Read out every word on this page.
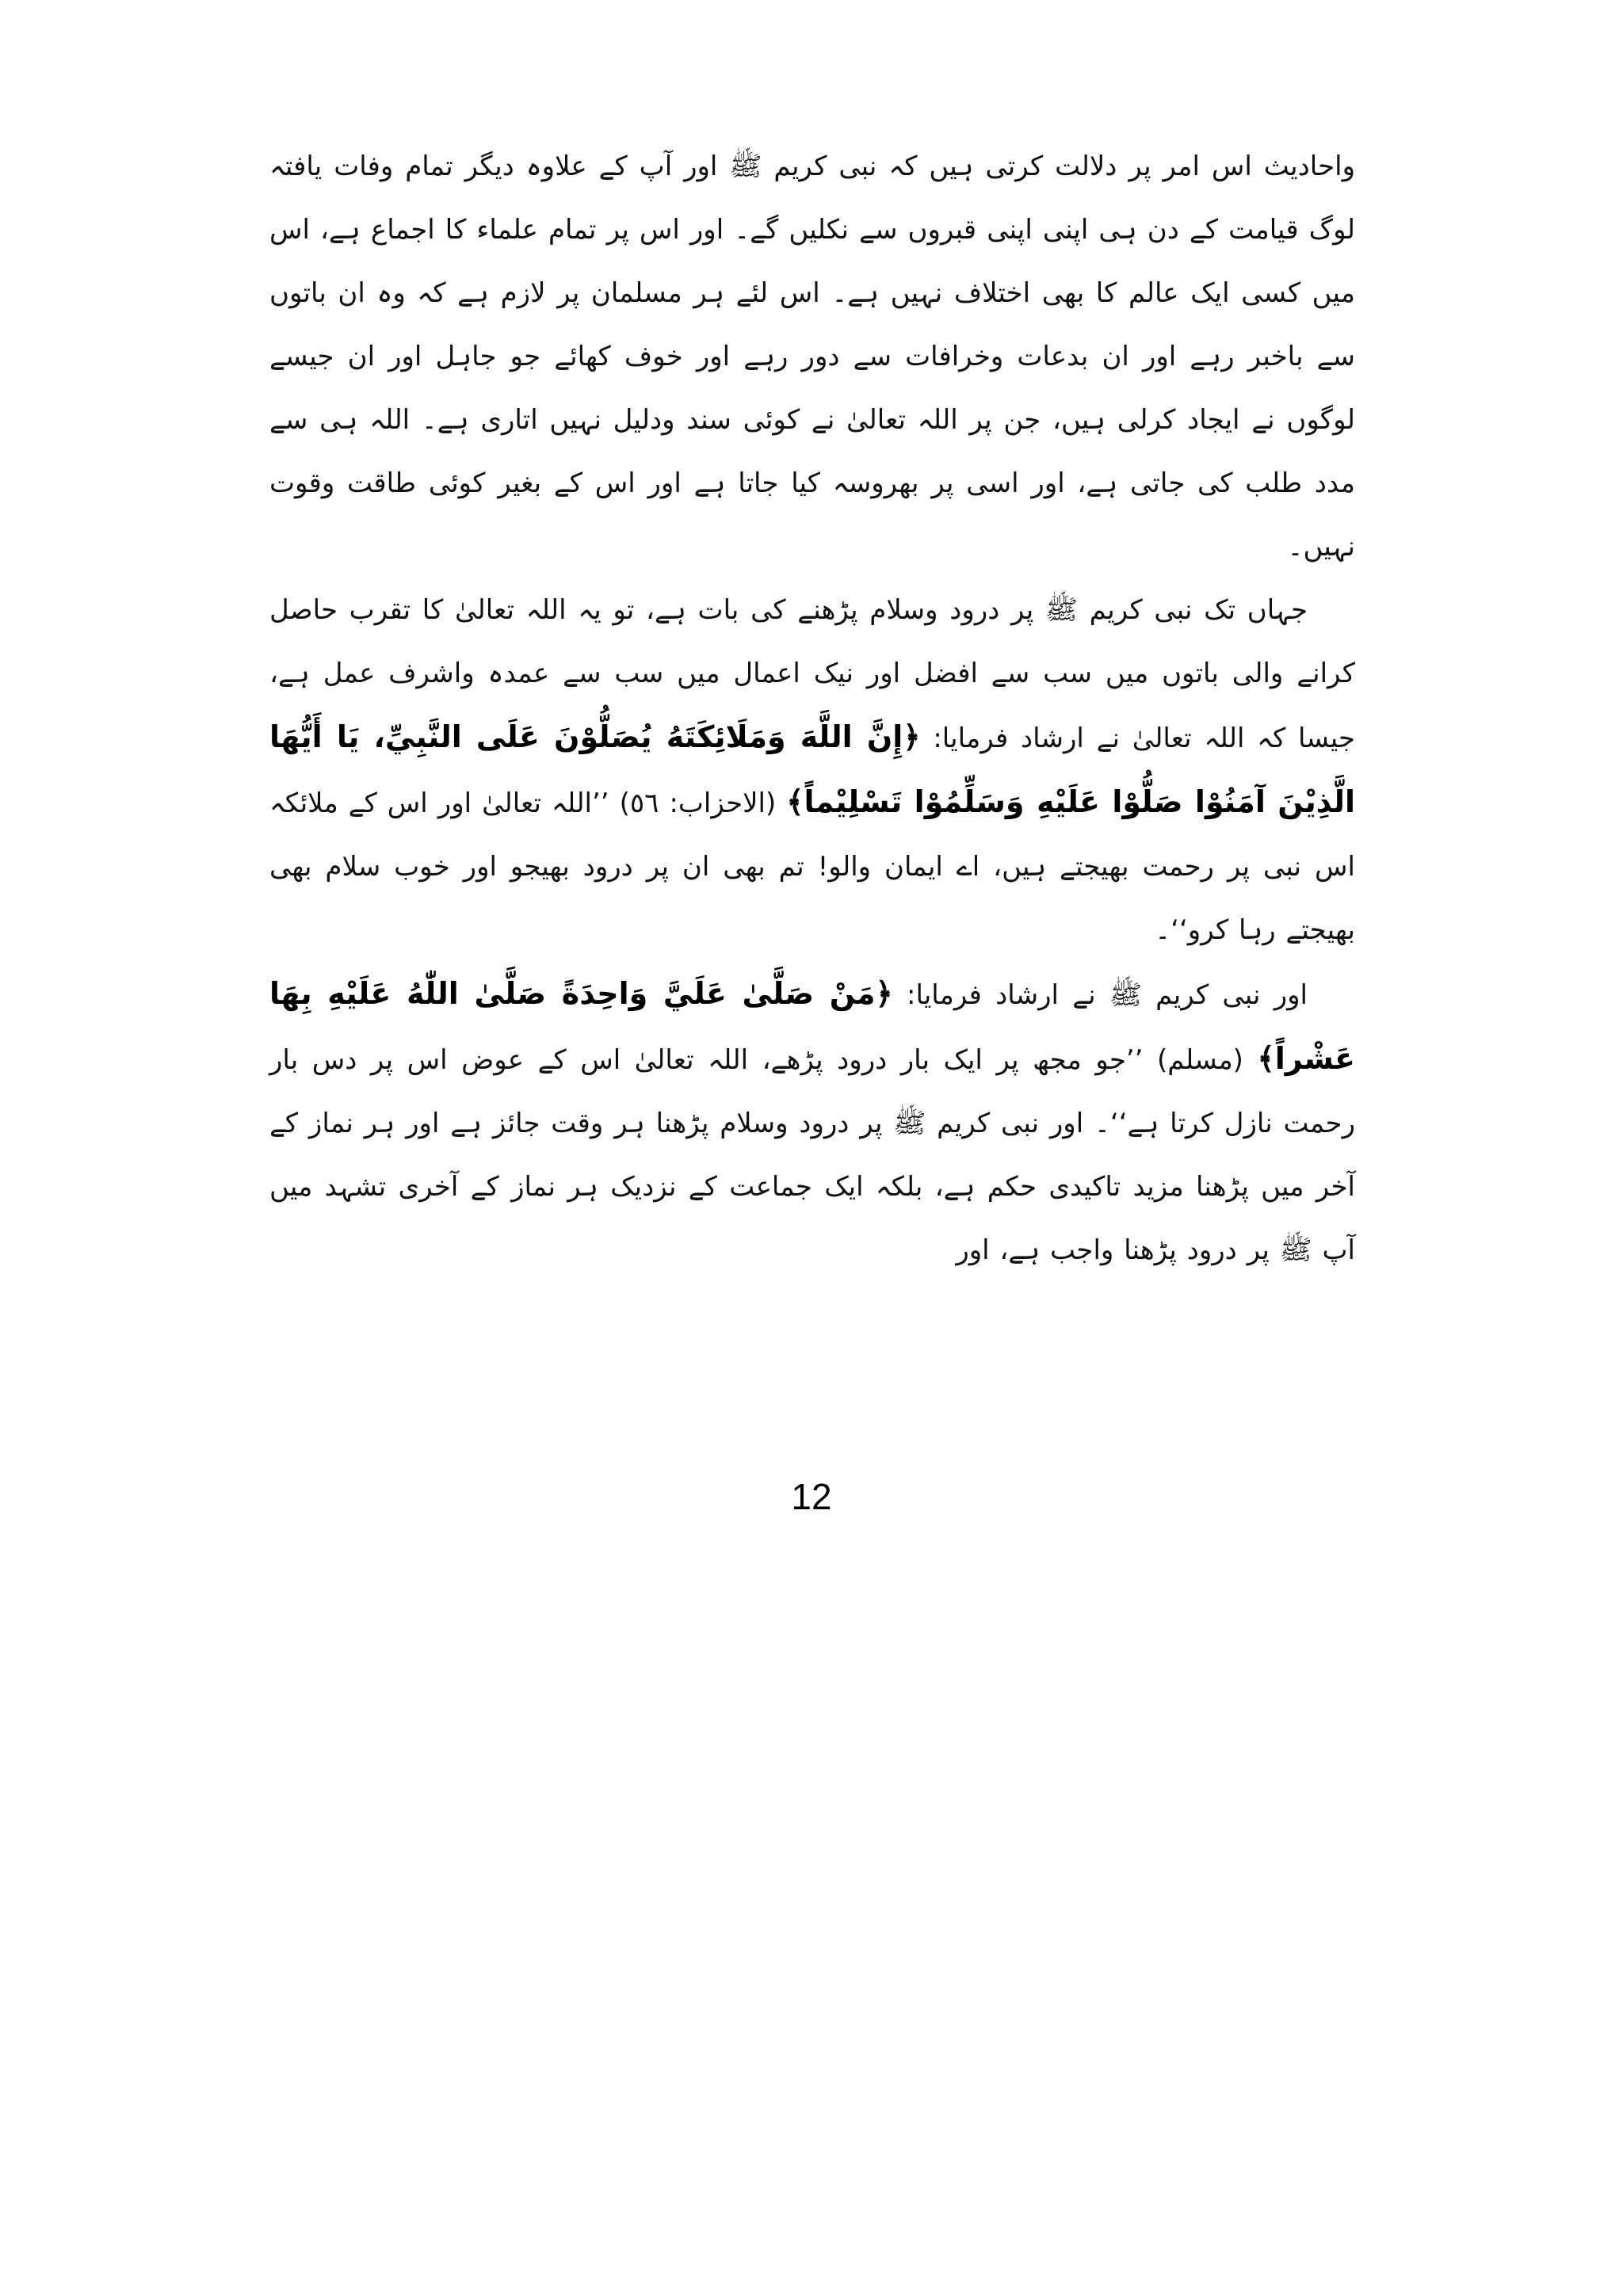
واحادیث اس امر پر دلالت کرتی ہیں کہ نبی کریم ﷺ اور آپ کے علاوہ دیگر تمام وفات یافتہ لوگ قیامت کے دن ہی اپنی اپنی قبروں سے نکلیں گے۔ اور اس پر تمام علماء کا اجماع ہے، اس میں کسی ایک عالم کا بھی اختلاف نہیں ہے۔ اس لئے ہر مسلمان پر لازم ہے کہ وہ ان باتوں سے باخبر رہے اور ان بدعات وخرافات سے دور رہے اور خوف کھائے جو جاہل اور ان جیسے لوگوں نے ایجاد کرلی ہیں، جن پر اللہ تعالیٰ نے کوئی سند ودلیل نہیں اتاری ہے۔ اللہ ہی سے مدد طلب کی جاتی ہے، اور اسی پر بھروسہ کیا جاتا ہے اور اس کے بغیر کوئی طاقت وقوت نہیں۔

جہاں تک نبی کریم ﷺ پر درود وسلام پڑھنے کی بات ہے، تو یہ اللہ تعالیٰ کا تقرب حاصل کرانے والی باتوں میں سب سے افضل اور نیک اعمال میں سب سے عمدہ واشرف عمل ہے، جیسا کہ اللہ تعالیٰ نے ارشاد فرمایا: ﴿إِنَّ اللَّهَ وَمَلَائِكَتَهُ يُصَلُّوْنَ عَلَى النَّبِيِّ، يَا أَيُّهَا الَّذِيْنَ آمَنُوْا صَلُّوْا عَلَيْهِ وَسَلِّمُوْا تَسْلِيْماً﴾ (الاحزاب: ٥٦) ’’اللہ تعالیٰ اور اس کے ملائکہ اس نبی پر رحمت بھیجتے ہیں، اے ایمان والو! تم بھی ان پر درود بھیجو اور خوب سلام بھی بھیجتے رہا کرو‘‘۔

اور نبی کریم ﷺ نے ارشاد فرمایا: ﴿مَنْ صَلَّىٰ عَلَيَّ وَاحِدَةً صَلَّىٰ اللّٰهُ عَلَيْهِ بِهَا عَشْراً﴾ (مسلم) ’’جو مجھ پر ایک بار درود پڑھے، اللہ تعالیٰ اس کے عوض اس پر دس بار رحمت نازل کرتا ہے‘‘۔ اور نبی کریم ﷺ پر درود وسلام پڑھنا ہر وقت جائز ہے اور ہر نماز کے آخر میں پڑھنا مزید تاکیدی حکم ہے، بلکہ ایک جماعت کے نزدیک ہر نماز کے آخری تشہد میں آپ ﷺ پر درود پڑھنا واجب ہے، اور

12
